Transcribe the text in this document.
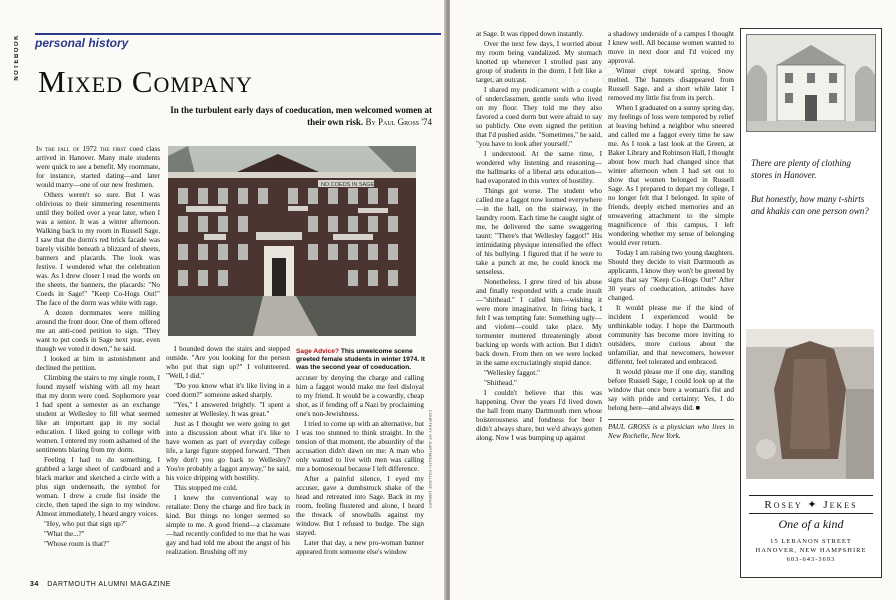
NOTEBOOK personal history
Mixed Company
In the turbulent early days of coeducation, men welcomed women at their own risk. By Paul Gross '74

In the fall of 1972 the first coed class arrived in Hanover. Many male students were quick to see a benefit. My roommate, for instance, started dating—and later would marry—one of our new freshmen.

Others weren't so sure. But I was oblivious to their simmering resentments until they boiled over a year later, when I was a senior. It was a winter afternoon. Walking back to my room in Russell Sage, I saw that the dorm's red brick facade was barely visible beneath a blizzard of sheets, banners and placards. The look was festive. I wondered what the celebration was. As I drew closer I read the words on the sheets, the banners, the placards: "No Coeds in Sage!" "Keep Co-Hogs Out!" The face of the dorm was white with rage.

A dozen dormmates were milling around the front door. One of them offered me an anti-coed petition to sign. "They want to put coeds in Sage next year, even though we voted it down," he said.

I looked at him in astonishment and declined the petition.

Climbing the stairs to my single room, I found myself wishing with all my heart that my dorm were coed. Sophomore year I had spent a semester as an exchange student at Wellesley to fill what seemed like an important gap in my social education. I liked going to college with women. I entered my room ashamed of the sentiments blaring from my dorm.

Feeling I had to do something, I grabbed a large sheet of cardboard and a black marker and sketched a circle with a plus sign underneath, the symbol for woman. I drew a crude fist inside the circle, then taped the sign to my window. Almost immediately, I heard angry voices.

"Hey, who put that sign up?"

"What the...?"

"Whose room is that?"

NO COEDS IN SAGE
COURTESY OF DARTMOUTH COLLEGE LIBRARY

I bounded down the stairs and stepped outside. "Are you looking for the person who put that sign up?" I volunteered. "Well, I did."

"Do you know what it's like living in a coed dorm?" someone asked sharply.

"Yes," I answered brightly. "I spent a semester at Wellesley. It was great."

Just as I thought we were going to get into a discussion about what it's like to have women as part of everyday college life, a large figure stepped forward. "Then why don't you go back to Wellesley? You're probably a faggot anyway," he said, his voice dripping with hostility.

This stopped me cold.

I knew the conventional way to retaliate: Deny the charge and fire back in kind. But things no longer seemed so simple to me. A good friend—a classmate—had recently confided to me that he was gay and had told me about the angst of his realization. Brushing off my

Sage Advice? This unwelcome scene greeted female students in winter 1974. It was the second year of coeducation.

accuser by denying the charge and calling him a faggot would make me feel disloyal to my friend. It would be a cowardly, cheap shot, as if fending off a Nazi by proclaiming one's non-Jewishness.

I tried to come up with an alternative, but I was too stunned to think straight. In the tension of that moment, the absurdity of the accusation didn't dawn on me: A man who only wanted to live with men was calling me a homosexual because I left difference.

After a painful silence, I eyed my accuser, gave a dumbstruck shake of the head and retreated into Sage. Back in my room, feeling flustered and alone, I heard the thwack of snowballs against my window. But I refused to budge. The sign stayed.

Later that day, a new pro-woman banner appeared from someone else's window

34 DARTMOUTH ALUMNI MAGAZINE

at Sage. It was ripped down instantly.

Over the next few days, I worried about my room being vandalized. My stomach knotted up whenever I strolled past any group of students in the dorm. I felt like a target, an outcast.

I shared my predicament with a couple of underclassmen, gentle souls who lived on my floor. They told me they also favored a coed dorm but were afraid to say so publicly. One even signed the petition that I'd pushed aside. "Sometimes," he said, "you have to look after yourself."

I understood. At the same time, I wondered why listening and reasoning—the hallmarks of a liberal arts education—had evaporated in this vortex of hostility.

Things got worse. The student who called me a faggot now loomed everywhere—in the hall, on the stairway, in the laundry room. Each time he caught sight of me, he delivered the same swaggering taunt: "There's that Wellesley faggot!" His intimidating physique intensified the effect of his bullying. I figured that if he were to take a punch at me, he could knock me senseless.

Nonetheless, I grew tired of his abuse and finally responded with a crude insult—"shithead." I called him—wishing it were more imaginative. In firing back, I felt I was tempting fate: Something ugly—and violent—could take place. My tormenter muttered threateningly about backing up words with action. But I didn't back down. From then on we were locked in the same excruciatingly stupid dance.

"Wellesley faggot."

"Shithead."

I couldn't believe that this was happening. Over the years I'd lived down the hall from many Dartmouth men whose boisterousness and fondness for beer I didn't always share, but we'd always gotten along. Now I was bumping up against

a shadowy underside of a campus I thought I knew well. All because women wanted to move in next door and I'd voiced my approval.

Winter crept toward spring. Snow melted. The banners disappeared from Russell Sage, and a short while later I removed my little fist from its perch.

When I graduated on a sunny spring day, my feelings of loss were tempered by relief at leaving behind a neighbor who sneered and called me a faggot every time he saw me. As I took a last look at the Green, at Baker Library and Robinson Hall, I thought about how much had changed since that winter afternoon when I had set out to show that women belonged in Russell Sage. As I prepared to depart my college, I no longer felt that I belonged. In spite of friends, deeply etched memories and an unwavering attachment to the simple magnificence of this campus, I left wondering whether my sense of belonging would ever return.

Today I am raising two young daughters. Should they decide to visit Dartmouth as applicants, I know they won't be greeted by signs that say "Keep Co-Hogs Out!" After 30 years of coeducation, attitudes have changed.

It would please me if the kind of incident I experienced would be unthinkable today. I hope the Dartmouth community has become more inviting to outsiders, more curious about the unfamiliar, and that newcomers, however different, feel tolerated and embraced.

It would please me if one day, standing before Russell Sage, I could look up at the window that once bore a woman's fist and say with pride and certainty: Yes, I do belong here—and always did. ■

PAUL GROSS is a physician who lives in New Rochelle, New York.

There are plenty of clothing stores in Hanover.

But honestly, how many t-shirts and khakis can one person own?

Rosey ✦ Jekes
One of a kind
15 LEBANON STREET
HANOVER, NEW HAMPSHIRE
603-643-3693
